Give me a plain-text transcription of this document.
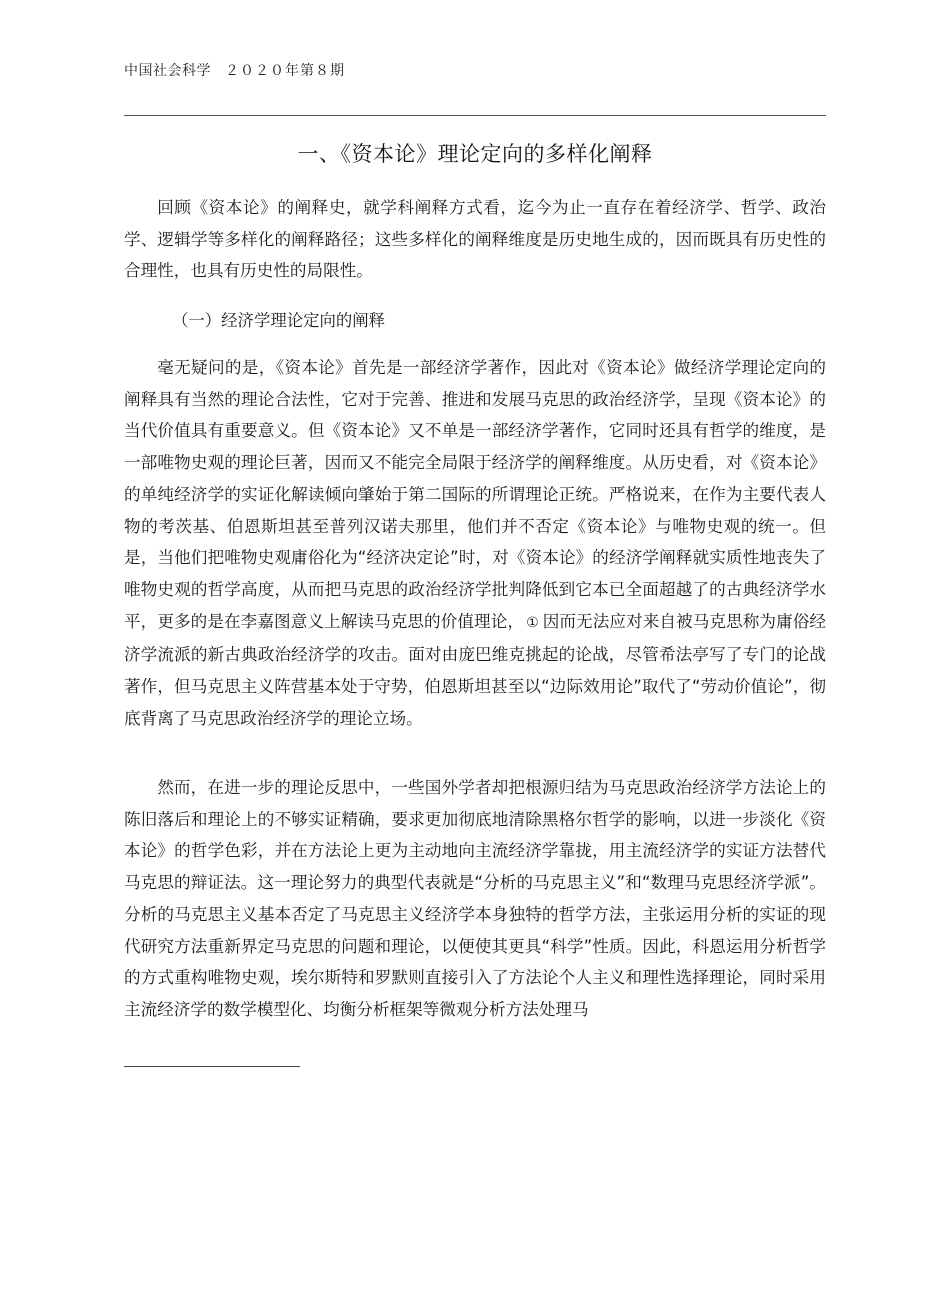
中国社会科学 ２０２０年第８期
一、《资本论》理论定向的多样化阐释

回顾《资本论》的阐释史，就学科阐释方式看，迄今为止一直存在着经济学、哲学、政治学、逻辑学等多样化的阐释路径；这些多样化的阐释维度是历史地生成的，因而既具有历史性的合理性，也具有历史性的局限性。

（一）经济学理论定向的阐释

毫无疑问的是，《资本论》首先是一部经济学著作，因此对《资本论》做经济学理论定向的阐释具有当然的理论合法性，它对于完善、推进和发展马克思的政治经济学，呈现《资本论》的当代价值具有重要意义。但《资本论》又不单是一部经济学著作，它同时还具有哲学的维度，是一部唯物史观的理论巨著，因而又不能完全局限于经济学的阐释维度。从历史看，对《资本论》的单纯经济学的实证化解读倾向肇始于第二国际的所谓理论正统。严格说来，在作为主要代表人物的考茨基、伯恩斯坦甚至普列汉诺夫那里，他们并不否定《资本论》与唯物史观的统一。但是，当他们把唯物史观庸俗化为“经济决定论”时，对《资本论》的经济学阐释就实质性地丧失了唯物史观的哲学高度，从而把马克思的政治经济学批判降低到它本已全面超越了的古典经济学水平，更多的是在李嘉图意义上解读马克思的价值理论， ① 因而无法应对来自被马克思称为庸俗经济学流派的新古典政治经济学的攻击。面对由庞巴维克挑起的论战，尽管希法亭写了专门的论战著作，但马克思主义阵营基本处于守势，伯恩斯坦甚至以“边际效用论”取代了“劳动价值论”，彻底背离了马克思政治经济学的理论立场。

然而，在进一步的理论反思中，一些国外学者却把根源归结为马克思政治经济学方法论上的陈旧落后和理论上的不够实证精确，要求更加彻底地清除黑格尔哲学的影响，以进一步淡化《资本论》的哲学色彩，并在方法论上更为主动地向主流经济学靠拢，用主流经济学的实证方法替代马克思的辩证法。这一理论努力的典型代表就是“分析的马克思主义”和“数理马克思经济学派”。分析的马克思主义基本否定了马克思主义经济学本身独特的哲学方法，主张运用分析的实证的现代研究方法重新界定马克思的问题和理论，以便使其更具“科学”性质。因此，科恩运用分析哲学的方式重构唯物史观，埃尔斯特和罗默则直接引入了方法论个人主义和理性选择理论，同时采用主流经济学的数学模型化、均衡分析框架等微观分析方法处理马
